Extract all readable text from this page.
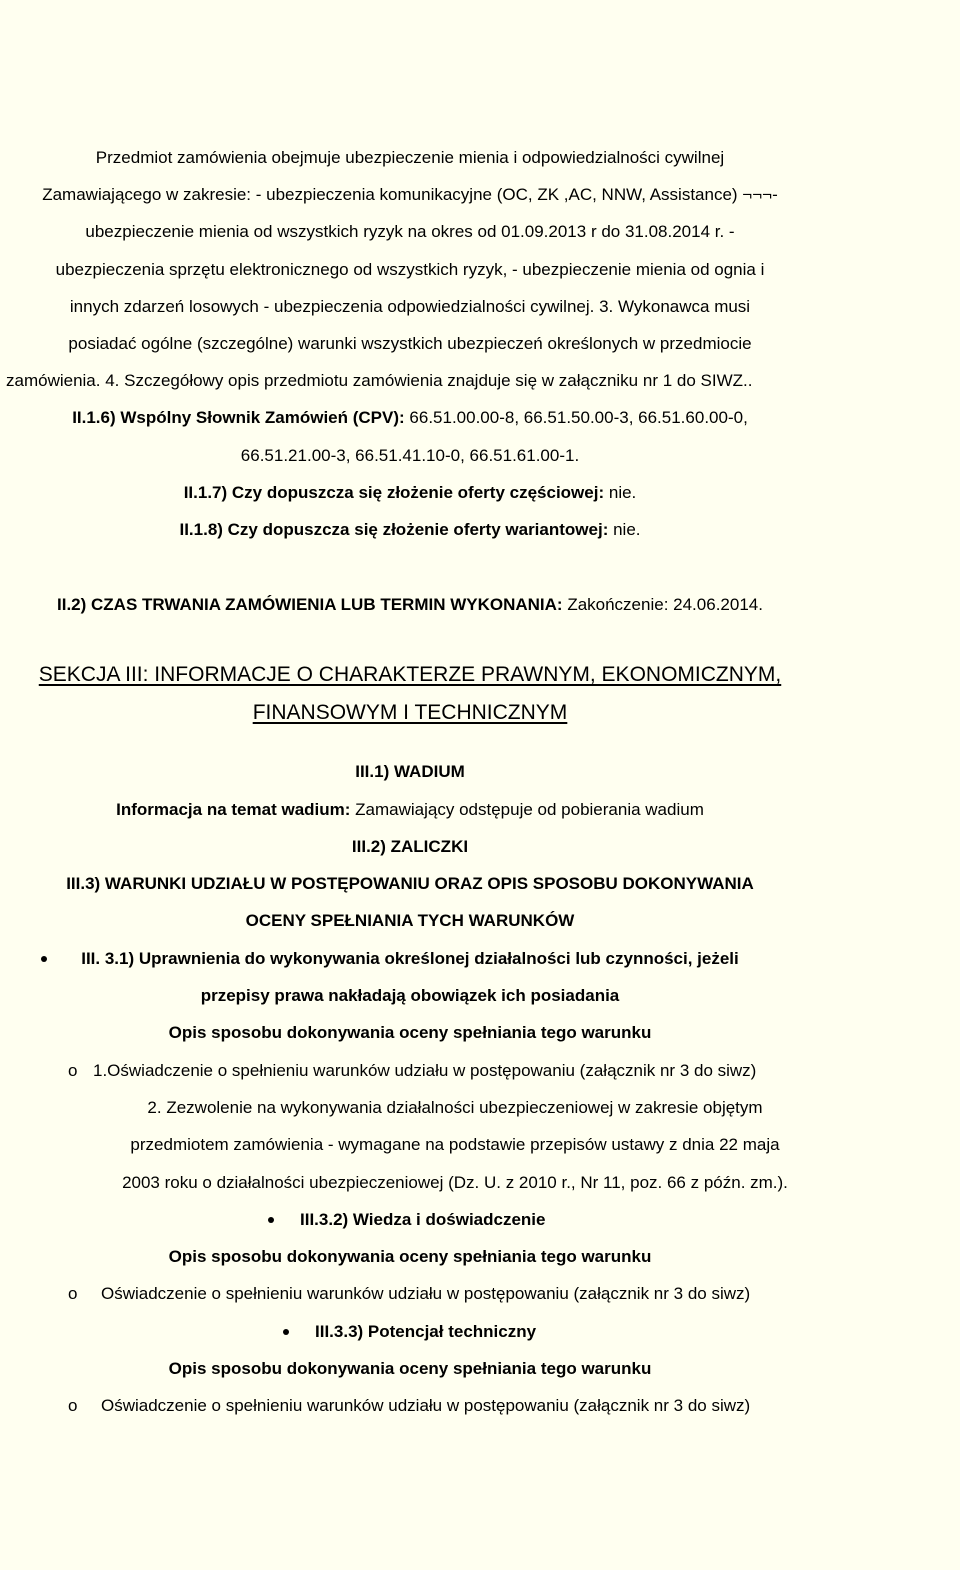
Przedmiot zamówienia obejmuje ubezpieczenie mienia i odpowiedzialności cywilnej
Zamawiającego w zakresie: - ubezpieczenia komunikacyjne (OC, ZK ,AC, NNW, Assistance) ¬¬¬-
ubezpieczenie mienia od wszystkich ryzyk na okres od 01.09.2013 r do 31.08.2014 r. -
ubezpieczenia sprzętu elektronicznego od wszystkich ryzyk, - ubezpieczenie mienia od ognia i
innych zdarzeń losowych - ubezpieczenia odpowiedzialności cywilnej. 3. Wykonawca musi
posiadać ogólne (szczególne) warunki wszystkich ubezpieczeń określonych w przedmiocie
zamówienia. 4. Szczegółowy opis przedmiotu zamówienia znajduje się w załączniku nr 1 do SIWZ..
II.1.6) Wspólny Słownik Zamówień (CPV): 66.51.00.00-8, 66.51.50.00-3, 66.51.60.00-0,
66.51.21.00-3, 66.51.41.10-0, 66.51.61.00-1.
II.1.7) Czy dopuszcza się złożenie oferty częściowej: nie.
II.1.8) Czy dopuszcza się złożenie oferty wariantowej: nie.
II.2) CZAS TRWANIA ZAMÓWIENIA LUB TERMIN WYKONANIA: Zakończenie: 24.06.2014.
SEKCJA III: INFORMACJE O CHARAKTERZE PRAWNYM, EKONOMICZNYM,
FINANSOWYM I TECHNICZNYM
III.1) WADIUM
Informacja na temat wadium: Zamawiający odstępuje od pobierania wadium
III.2) ZALICZKI
III.3) WARUNKI UDZIAŁU W POSTĘPOWANIU ORAZ OPIS SPOSOBU DOKONYWANIA
OCENY SPEŁNIANIA TYCH WARUNKÓW
III. 3.1) Uprawnienia do wykonywania określonej działalności lub czynności, jeżeli
przepisy prawa nakładają obowiązek ich posiadania
Opis sposobu dokonywania oceny spełniania tego warunku
o 1.Oświadczenie o spełnieniu warunków udziału w postępowaniu (załącznik nr 3 do siwz)
2. Zezwolenie na wykonywania działalności ubezpieczeniowej w zakresie objętym
przedmiotem zamówienia - wymagane na podstawie przepisów ustawy z dnia 22 maja
2003 roku o działalności ubezpieczeniowej (Dz. U. z 2010 r., Nr 11, poz. 66 z późn. zm.).
III.3.2) Wiedza i doświadczenie
Opis sposobu dokonywania oceny spełniania tego warunku
o Oświadczenie o spełnieniu warunków udziału w postępowaniu (załącznik nr 3 do siwz)
III.3.3) Potencjał techniczny
Opis sposobu dokonywania oceny spełniania tego warunku
o Oświadczenie o spełnieniu warunków udziału w postępowaniu (załącznik nr 3 do siwz)
